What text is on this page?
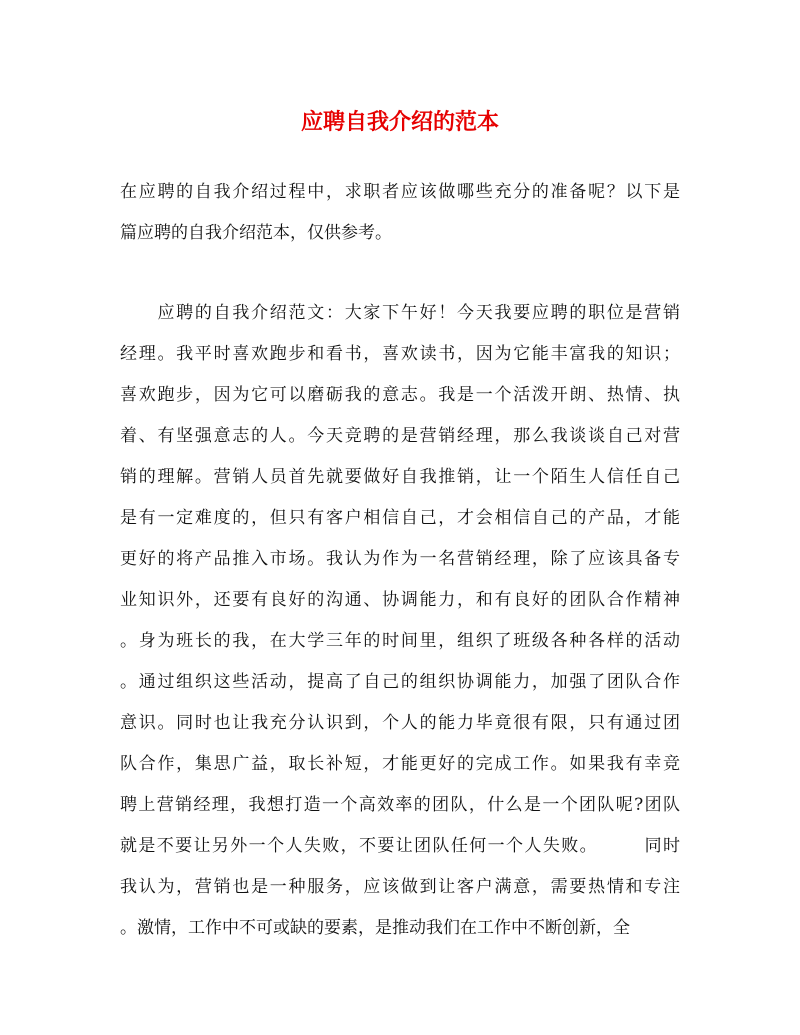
应聘自我介绍的范本

在应聘的自我介绍过程中，求职者应该做哪些充分的准备呢？以下是
篇应聘的自我介绍范本，仅供参考。

　　应聘的自我介绍范文：大家下午好！今天我要应聘的职位是营销
经理。我平时喜欢跑步和看书，喜欢读书，因为它能丰富我的知识；
喜欢跑步，因为它可以磨砺我的意志。我是一个活泼开朗、热情、执
着、有坚强意志的人。今天竞聘的是营销经理，那么我谈谈自己对营
销的理解。营销人员首先就要做好自我推销，让一个陌生人信任自己
是有一定难度的，但只有客户相信自己，才会相信自己的产品，才能
更好的将产品推入市场。我认为作为一名营销经理，除了应该具备专
业知识外，还要有良好的沟通、协调能力，和有良好的团队合作精神
。身为班长的我，在大学三年的时间里，组织了班级各种各样的活动
。通过组织这些活动，提高了自己的组织协调能力，加强了团队合作
意识。同时也让我充分认识到，个人的能力毕竟很有限，只有通过团
队合作，集思广益，取长补短，才能更好的完成工作。如果我有幸竞
聘上营销经理，我想打造一个高效率的团队，什么是一个团队呢?团队
就是不要让另外一个人失败，不要让团队任何一个人失败。　　　同时
我认为，营销也是一种服务，应该做到让客户满意，需要热情和专注
。激情，工作中不可或缺的要素，是推动我们在工作中不断创新，全
